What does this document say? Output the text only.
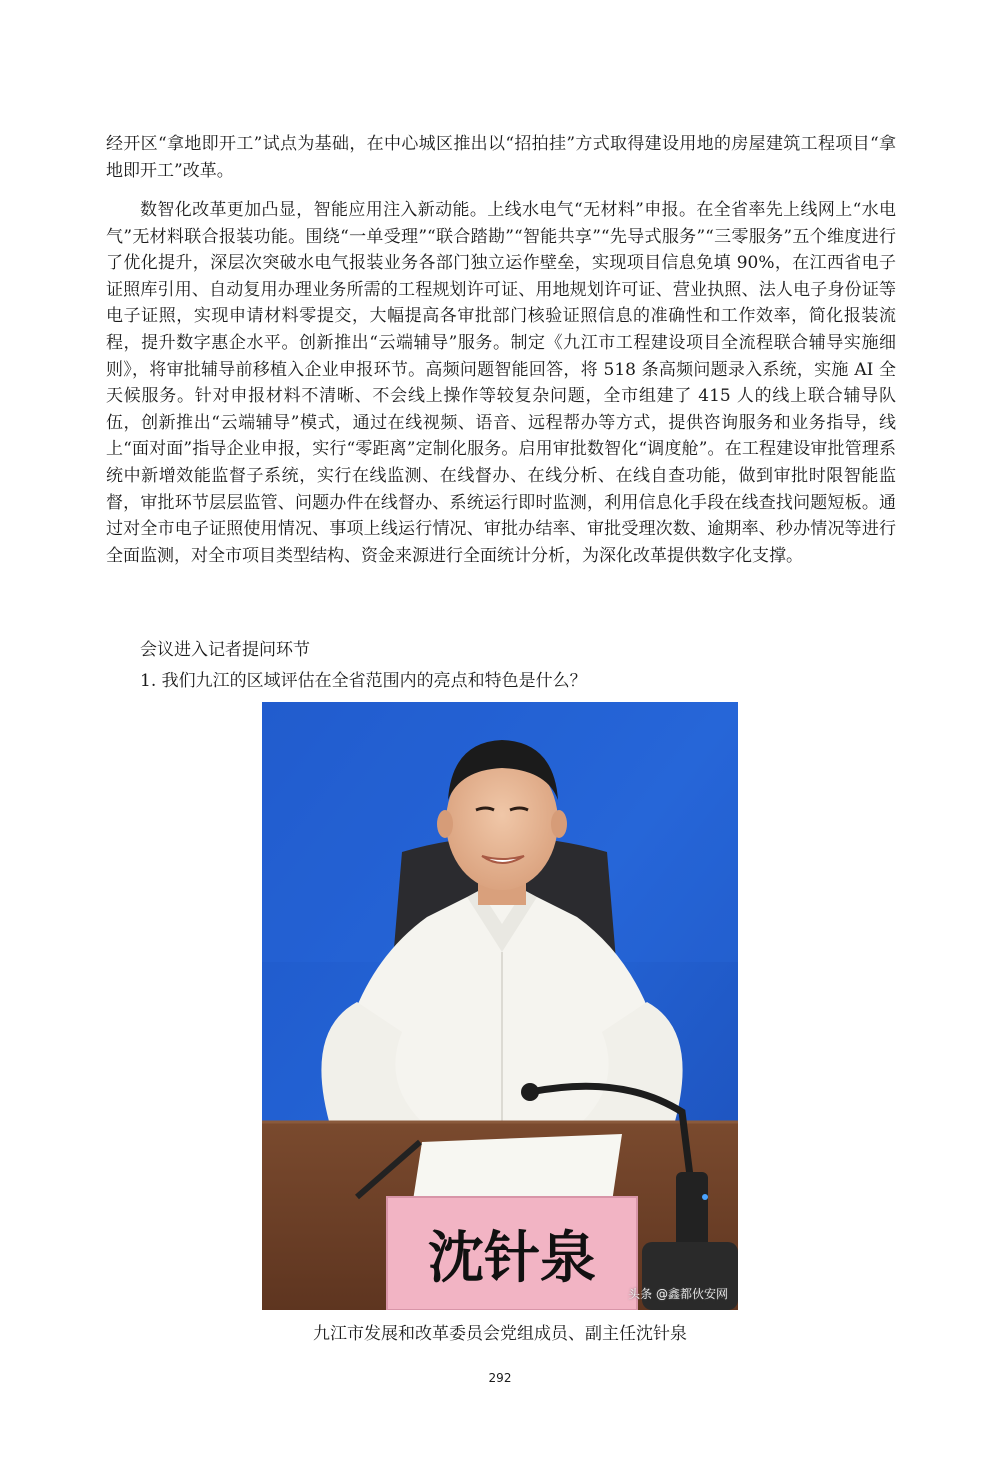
经开区“拿地即开工”试点为基础，在中心城区推出以“招拍挂”方式取得建设用地的房屋建筑工程项目“拿地即开工”改革。

数智化改革更加凸显，智能应用注入新动能。上线水电气“无材料”申报。在全省率先上线网上“水电气”无材料联合报装功能。围绕“一单受理”“联合踏勘”“智能共享”“先导式服务”“三零服务”五个维度进行了优化提升，深层次突破水电气报装业务各部门独立运作壁垒，实现项目信息免填 90%，在江西省电子证照库引用、自动复用办理业务所需的工程规划许可证、用地规划许可证、营业执照、法人电子身份证等电子证照，实现申请材料零提交，大幅提高各审批部门核验证照信息的准确性和工作效率，简化报装流程，提升数字惠企水平。创新推出“云端辅导”服务。制定《九江市工程建设项目全流程联合辅导实施细则》，将审批辅导前移植入企业申报环节。高频问题智能回答，将 518 条高频问题录入系统，实施 AI 全天候服务。针对申报材料不清晰、不会线上操作等较复杂问题，全市组建了 415 人的线上联合辅导队伍，创新推出“云端辅导”模式，通过在线视频、语音、远程帮办等方式，提供咨询服务和业务指导，线上“面对面”指导企业申报，实行“零距离”定制化服务。启用审批数智化“调度舱”。在工程建设审批管理系统中新增效能监督子系统，实行在线监测、在线督办、在线分析、在线自查功能，做到审批时限智能监督，审批环节层层监管、问题办件在线督办、系统运行即时监测，利用信息化手段在线查找问题短板。通过对全市电子证照使用情况、事项上线运行情况、审批办结率、审批受理次数、逾期率、秒办情况等进行全面监测，对全市项目类型结构、资金来源进行全面统计分析，为深化改革提供数字化支撑。

会议进入记者提问环节
1. 我们九江的区域评估在全省范围内的亮点和特色是什么？
沈针泉
头条 @鑫都伙安网
九江市发展和改革委员会党组成员、副主任沈针泉
292
